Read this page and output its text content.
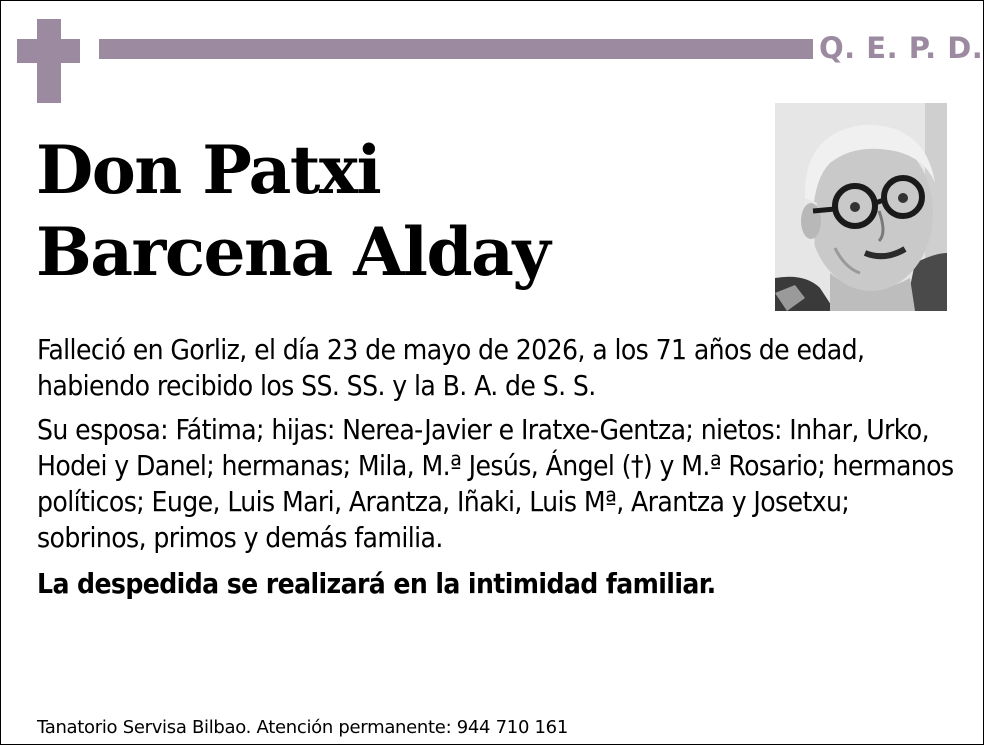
Q. E. P. D.
Don Patxi
Barcena Alday

Falleció en Gorliz, el día 23 de mayo de 2026, a los 71 años de edad, habiendo recibido los SS. SS. y la B. A. de S. S.

Su esposa: Fátima; hijas: Nerea-Javier e Iratxe-Gentza; nietos: Inhar, Urko, Hodei y Danel; hermanas; Mila, M.ª Jesús, Ángel (†) y M.ª Rosario; hermanos políticos; Euge, Luis Mari, Arantza, Iñaki, Luis Mª, Arantza y Josetxu; sobrinos, primos y demás familia.

La despedida se realizará en la intimidad familiar.

Tanatorio Servisa Bilbao. Atención permanente: 944 710 161
